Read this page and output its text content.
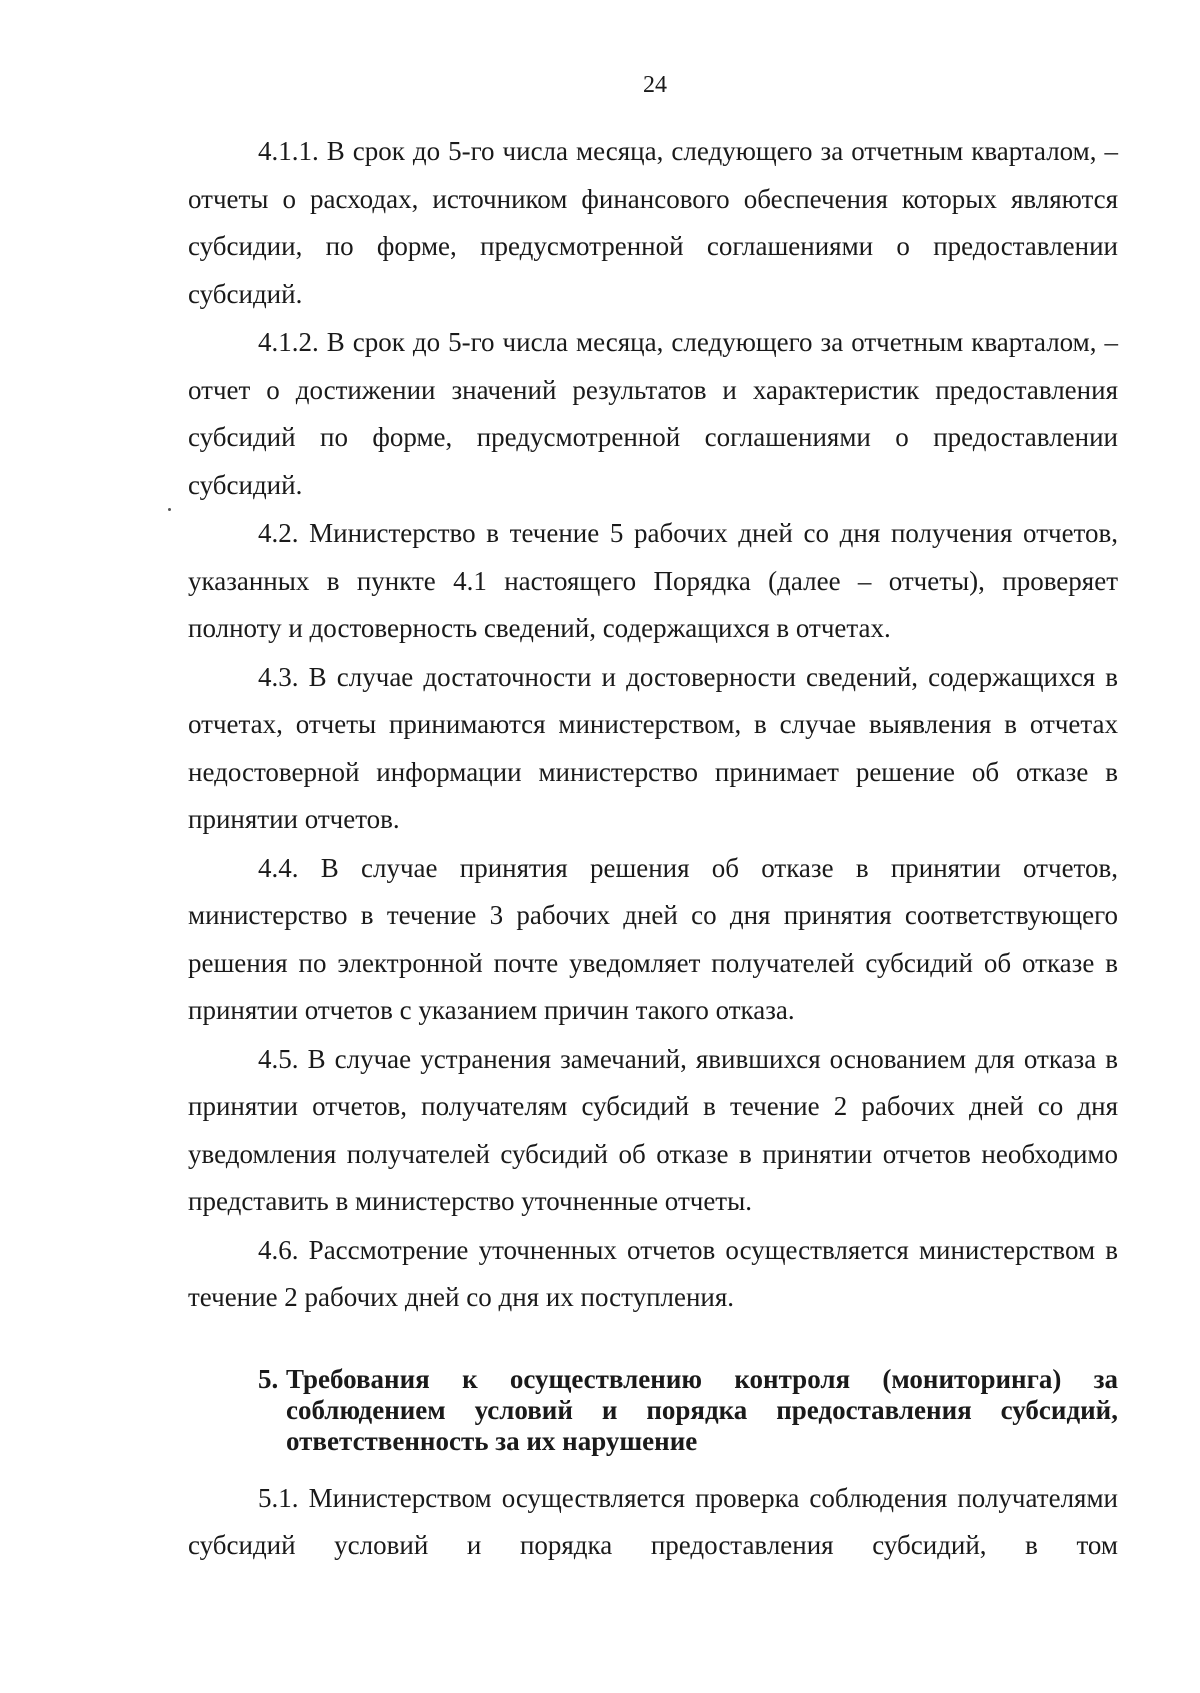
24

4.1.1. В срок до 5-го числа месяца, следующего за отчетным кварталом, – отчеты о расходах, источником финансового обеспечения которых являются субсидии, по форме, предусмотренной соглашениями о предоставлении субсидий.

4.1.2. В срок до 5-го числа месяца, следующего за отчетным кварталом, – отчет о достижении значений результатов и характеристик предоставления субсидий по форме, предусмотренной соглашениями о предоставлении субсидий.

4.2. Министерство в течение 5 рабочих дней со дня получения отчетов, указанных в пункте 4.1 настоящего Порядка (далее – отчеты), проверяет полноту и достоверность сведений, содержащихся в отчетах.

4.3. В случае достаточности и достоверности сведений, содержащихся в отчетах, отчеты принимаются министерством, в случае выявления в отчетах недостоверной информации министерство принимает решение об отказе в принятии отчетов.

4.4. В случае принятия решения об отказе в принятии отчетов, министерство в течение 3 рабочих дней со дня принятия соответствующего решения по электронной почте уведомляет получателей субсидий об отказе в принятии отчетов с указанием причин такого отказа.

4.5. В случае устранения замечаний, явившихся основанием для отказа в принятии отчетов, получателям субсидий в течение 2 рабочих дней со дня уведомления получателей субсидий об отказе в принятии отчетов необходимо представить в министерство уточненные отчеты.

4.6. Рассмотрение уточненных отчетов осуществляется министерством в течение 2 рабочих дней со дня их поступления.

5. Требования к осуществлению контроля (мониторинга) за соблюдением условий и порядка предоставления субсидий, ответственность за их нарушение

5.1. Министерством осуществляется проверка соблюдения получателями субсидий условий и порядка предоставления субсидий, в том
